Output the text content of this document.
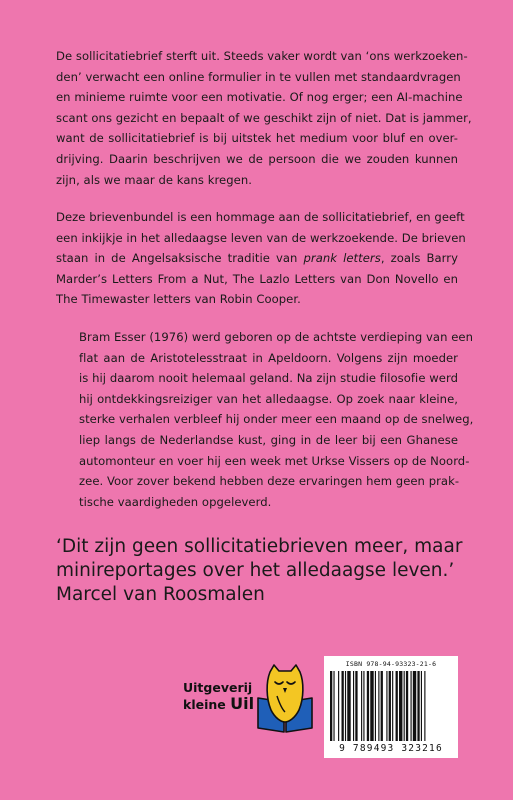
De sollicitatiebrief sterft uit. Steeds vaker wordt van ‘ons werkzoeken-
den’ verwacht een online formulier in te vullen met standaardvragen
en minieme ruimte voor een motivatie. Of nog erger; een AI-machine
scant ons gezicht en bepaalt of we geschikt zijn of niet. Dat is jammer,
want de sollicitatiebrief is bij uitstek het medium voor bluf en over-
drijving. Daarin beschrijven we de persoon die we zouden kunnen
zijn, als we maar de kans kregen.

Deze brievenbundel is een hommage aan de sollicitatiebrief, en geeft
een inkijkje in het alledaagse leven van de werkzoekende. De brieven
staan in de Angelsaksische traditie van prank letters, zoals Barry
Marder’s Letters From a Nut, The Lazlo Letters van Don Novello en
The Timewaster letters van Robin Cooper.

Bram Esser (1976) werd geboren op de achtste verdieping van een
flat aan de Aristotelesstraat in Apeldoorn. Volgens zijn moeder
is hij daarom nooit helemaal geland. Na zijn studie filosofie werd
hij ontdekkingsreiziger van het alledaagse. Op zoek naar kleine,
sterke verhalen verbleef hij onder meer een maand op de snelweg,
liep langs de Nederlandse kust, ging in de leer bij een Ghanese
automonteur en voer hij een week met Urkse Vissers op de Noord-
zee. Voor zover bekend hebben deze ervaringen hem geen prak-
tische vaardigheden opgeleverd.

‘Dit zijn geen sollicitatiebrieven meer, maar
minireportages over het alledaagse leven.’
Marcel van Roosmalen

Uitgeverij
kleine Uil
ISBN 978-94-93323-21-6
9 789493 323216
